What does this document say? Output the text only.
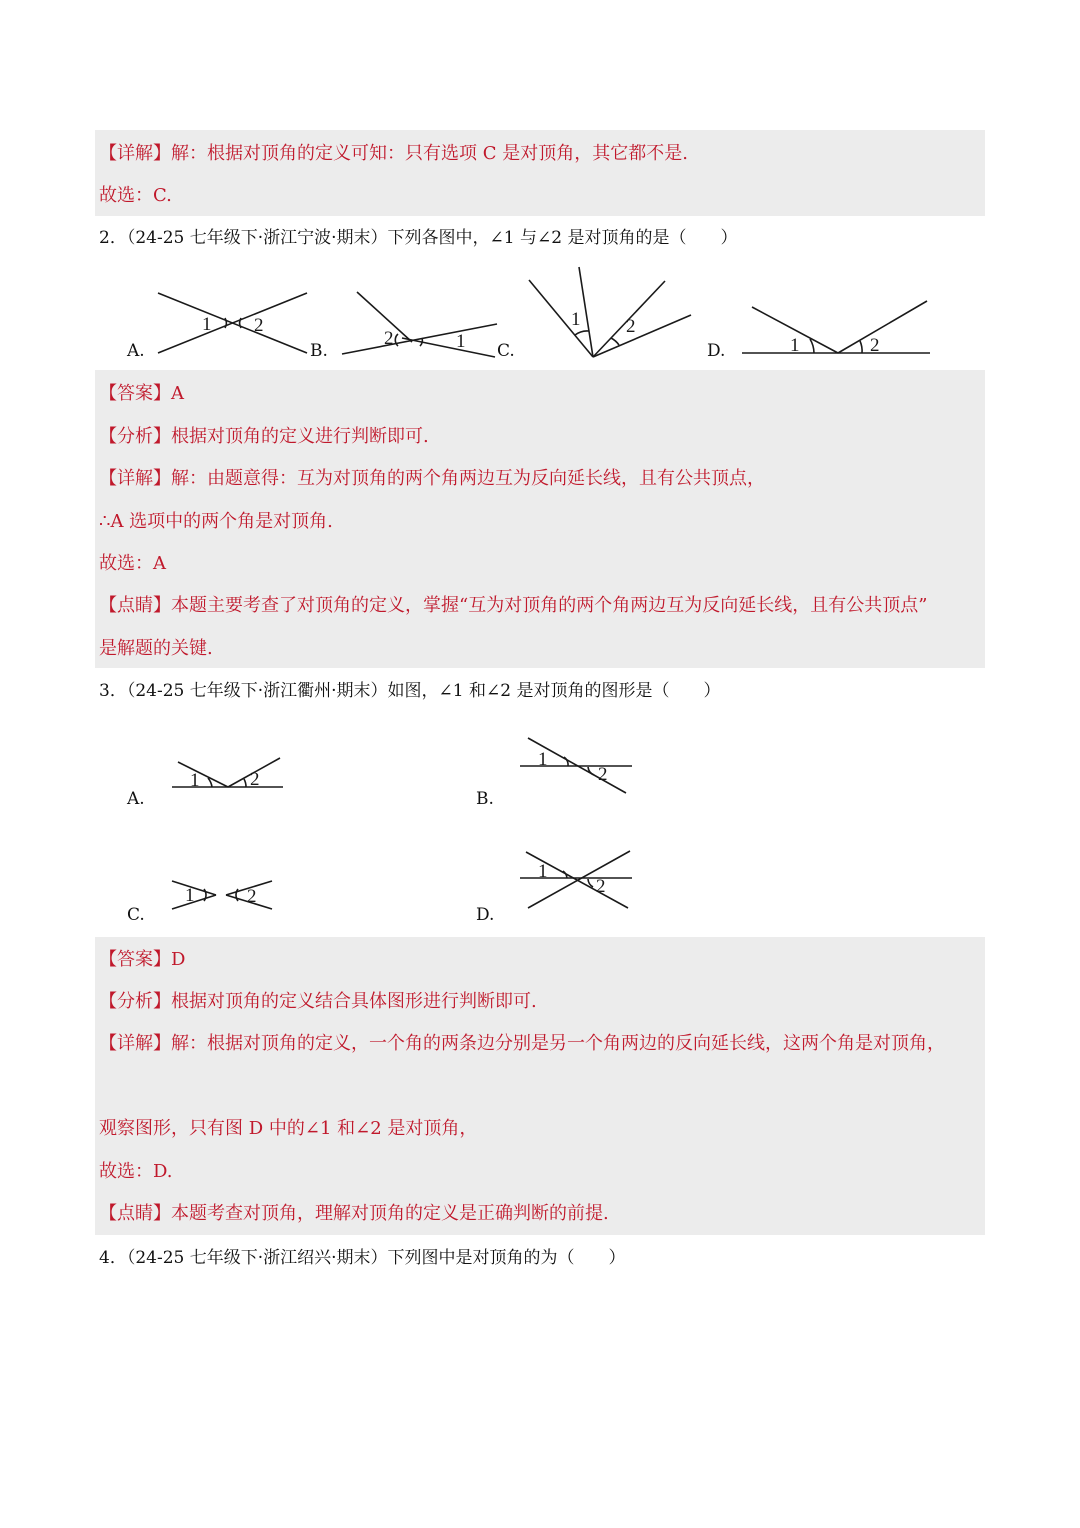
【详解】解：根据对顶角的定义可知：只有选项 C 是对顶角，其它都不是.
故选：C.
2．（24-25 七年级下·浙江宁波·期末）下列各图中，∠1 与∠2 是对顶角的是（　　）
1 2
A.
2	1
B.
1 2
C.	1	2
D.
【答案】A
【分析】根据对顶角的定义进行判断即可.
【详解】解：由题意得：互为对顶角的两个角两边互为反向延长线，且有公共顶点，
∴A 选项中的两个角是对顶角.
故选：A
【点睛】本题主要考查了对顶角的定义，掌握“互为对顶角的两个角两边互为反向延长线，且有公共顶点”
是解题的关键.
3．（24-25 七年级下·浙江衢州·期末）如图，∠1 和∠2 是对顶角的图形是（　　）
1	2
A.
1
2
B.
1	2
C.
1
2
D.
【答案】D
【分析】根据对顶角的定义结合具体图形进行判断即可.
【详解】解：根据对顶角的定义，一个角的两条边分别是另一个角两边的反向延长线，这两个角是对顶角，
观察图形，只有图 D 中的∠1 和∠2 是对顶角，
故选：D.
【点睛】本题考查对顶角，理解对顶角的定义是正确判断的前提.
4．（24-25 七年级下·浙江绍兴·期末）下列图中是对顶角的为（　　）
